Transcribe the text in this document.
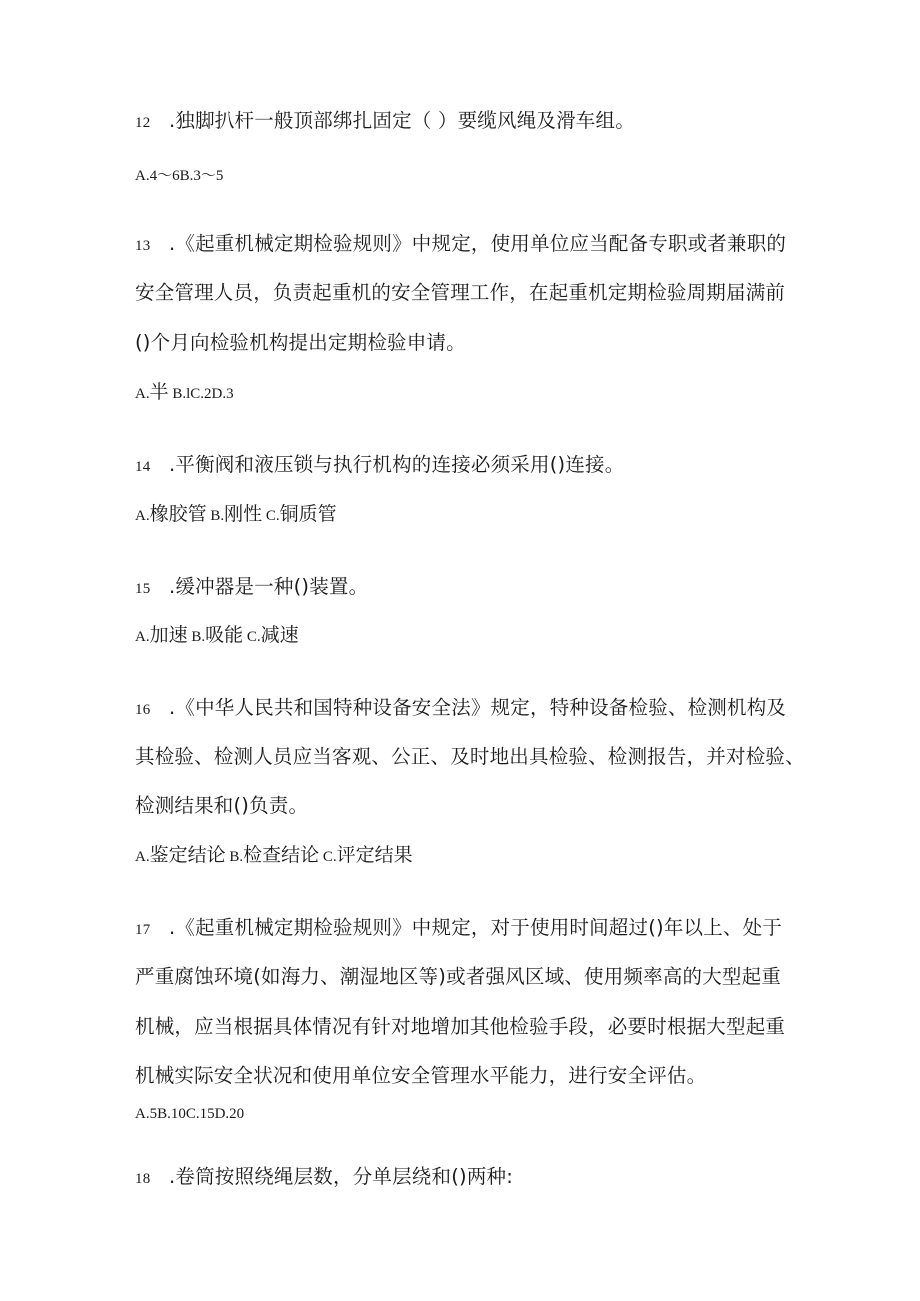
12 .独脚扒杆一般顶部绑扎固定（ ）要缆风绳及滑车组。
A.4～6B.3～5
13 .《起重机械定期检验规则》中规定，使用单位应当配备专职或者兼职的
安全管理人员，负责起重机的安全管理工作，在起重机定期检验周期届满前
()个月向检验机构提出定期检验申请。
A.半 B.lC.2D.3
14 .平衡阀和液压锁与执行机构的连接必须采用()连接。
A.橡胶管 B.刚性 C.铜质管
15 .缓冲器是一种()装置。
A.加速 B.吸能 C.减速
16 .《中华人民共和国特种设备安全法》规定，特种设备检验、检测机构及
其检验、检测人员应当客观、公正、及时地出具检验、检测报告，并对检验、
检测结果和()负责。
A.鉴定结论 B.检查结论 C.评定结果
17 .《起重机械定期检验规则》中规定，对于使用时间超过()年以上、处于
严重腐蚀环境(如海力、潮湿地区等)或者强风区域、使用频率高的大型起重
机械，应当根据具体情况有针对地增加其他检验手段，必要时根据大型起重
机械实际安全状况和使用单位安全管理水平能力，进行安全评估。
A.5B.10C.15D.20
18 .卷筒按照绕绳层数，分单层绕和()两种:
